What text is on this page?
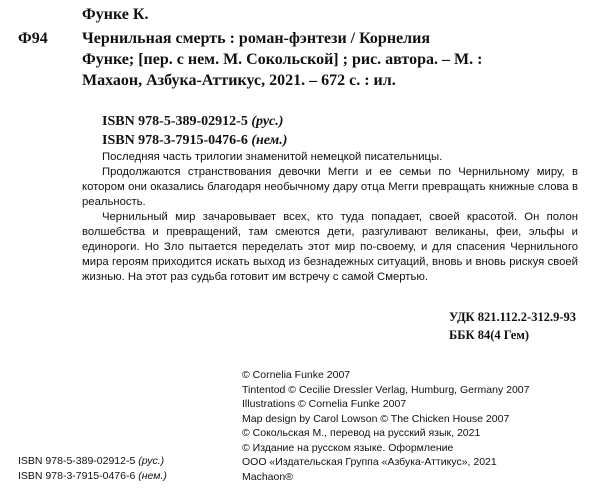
Функе К.
Ф94 Чернильная смерть : роман-фэнтези / Корнелия
Функе; [пер. с нем. М. Сокольской] ; рис. автора. – М. :
Махаон, Азбука-Аттикус, 2021. – 672 с. : ил.
ISBN 978-5-389-02912-5 (рус.)
ISBN 978-3-7915-0476-6 (нем.)

Последняя часть трилогии знаменитой немецкой писательницы.

Продолжаются странствования девочки Мегги и ее семьи по Чернильному миру, в котором они оказались благодаря необычному дару отца Мегги превращать книжные слова в реальность.

Чернильный мир зачаровывает всех, кто туда попадает, своей красотой. Он полон волшебства и превращений, там смеются дети, разгуливают великаны, феи, эльфы и единороги. Но Зло пытается переделать этот мир по-своему, и для спасения Чернильного мира героям приходится искать выход из безнадежных ситуаций, вновь и вновь рискуя своей жизнью. На этот раз судьба готовит им встречу с самой Смертью.

УДК 821.112.2-312.9-93
ББК 84(4 Гем)
© Cornelia Funke 2007
Tintentod © Cecilie Dressler Verlag, Humburg, Germany 2007
Illustrations © Cornelia Funke 2007
Map design by Carol Lowson © The Chicken House 2007
© Сокольская М., перевод на русский язык, 2021
© Издание на русском языке. Оформление
ООО «Издательская Группа «Азбука-Аттикус», 2021
Machaon®
ISBN 978-5-389-02912-5 (рус.)
ISBN 978-3-7915-0476-6 (нем.)
